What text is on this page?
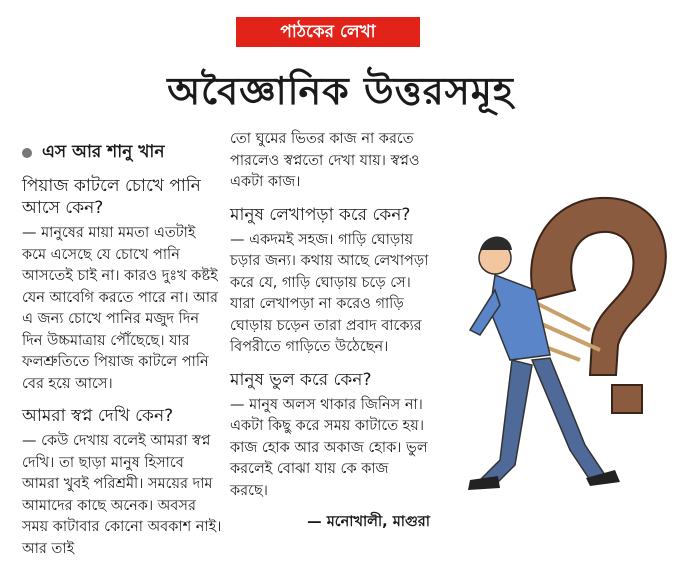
পাঠকের লেখা
অবৈজ্ঞানিক উত্তরসমূহ
এস আর শানু খান
পিয়াজ কাটলে চোখে পানি আসে কেন?
— মানুষের মায়া মমতা এতটাই কমে এসেছে যে চোখে পানি আসতেই চাই না। কারও দুঃখ কষ্টই যেন আবেগি করতে পারে না। আর এ জন্য চোখে পানির মজুদ দিন দিন উচ্চমাত্রায় পৌঁছেছে। যার ফলশ্রুতিতে পিয়াজ কাটলে পানি বের হয়ে আসে।
আমরা স্বপ্ন দেখি কেন?
— কেউ দেখায় বলেই আমরা স্বপ্ন দেখি। তা ছাড়া মানুষ হিসাবে আমরা খুবই পরিশ্রমী। সময়ের দাম আমাদের কাছে অনেক। অবসর সময় কাটাবার কোনো অবকাশ নাই। আর তাই
তো ঘুমের ভিতর কাজ না করতে পারলেও স্বপ্নতো দেখা যায়। স্বপ্নও একটা কাজ।
মানুষ লেখাপড়া করে কেন?
— একদমই সহজ। গাড়ি ঘোড়ায় চড়ার জন্য। কথায় আছে লেখাপড়া করে যে, গাড়ি ঘোড়ায় চড়ে সে। যারা লেখাপড়া না করেও গাড়ি ঘোড়ায় চড়েন তারা প্রবাদ বাক্যের বিপরীতে গাড়িতে উঠেছেন।
মানুষ ভুল করে কেন?
— মানুষ অলস থাকার জিনিস না। একটা কিছু করে সময় কাটাতে হয়। কাজ হোক আর অকাজ হোক। ভুল করলেই বোঝা যায় কে কাজ করছে।
— মনোখালী, মাগুরা
